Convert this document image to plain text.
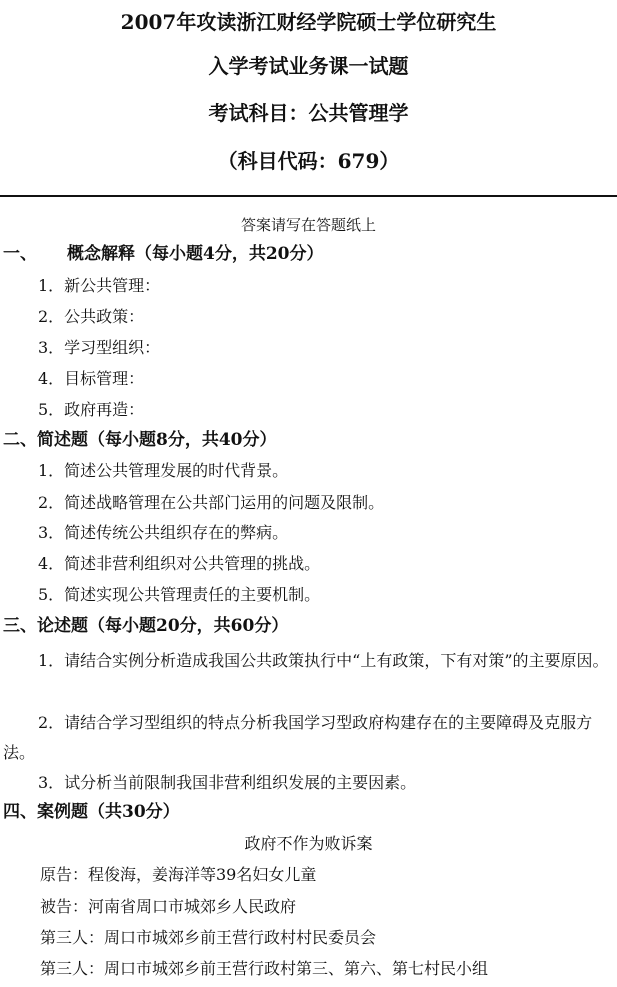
2007年攻读浙江财经学院硕士学位研究生
入学考试业务课一试题
考试科目：公共管理学
（科目代码：679）
答案请写在答题纸上
一、 概念解释（每小题4分，共20分）
1．新公共管理：
2．公共政策：
3．学习型组织：
4．目标管理：
5．政府再造：
二、简述题（每小题8分，共40分）
1．简述公共管理发展的时代背景。
2．简述战略管理在公共部门运用的问题及限制。
3．简述传统公共组织存在的弊病。
4．简述非营利组织对公共管理的挑战。
5．简述实现公共管理责任的主要机制。
三、论述题（每小题20分，共60分）
1．请结合实例分析造成我国公共政策执行中“上有政策，下有对策”的主要原因。
2．请结合学习型组织的特点分析我国学习型政府构建存在的主要障碍及克服方法。
3．试分析当前限制我国非营利组织发展的主要因素。
四、案例题（共30分）
政府不作为败诉案
原告：程俊海，姜海洋等39名妇女儿童
被告：河南省周口市城郊乡人民政府
第三人：周口市城郊乡前王营行政村村民委员会
第三人：周口市城郊乡前王营行政村第三、第六、第七村民小组
